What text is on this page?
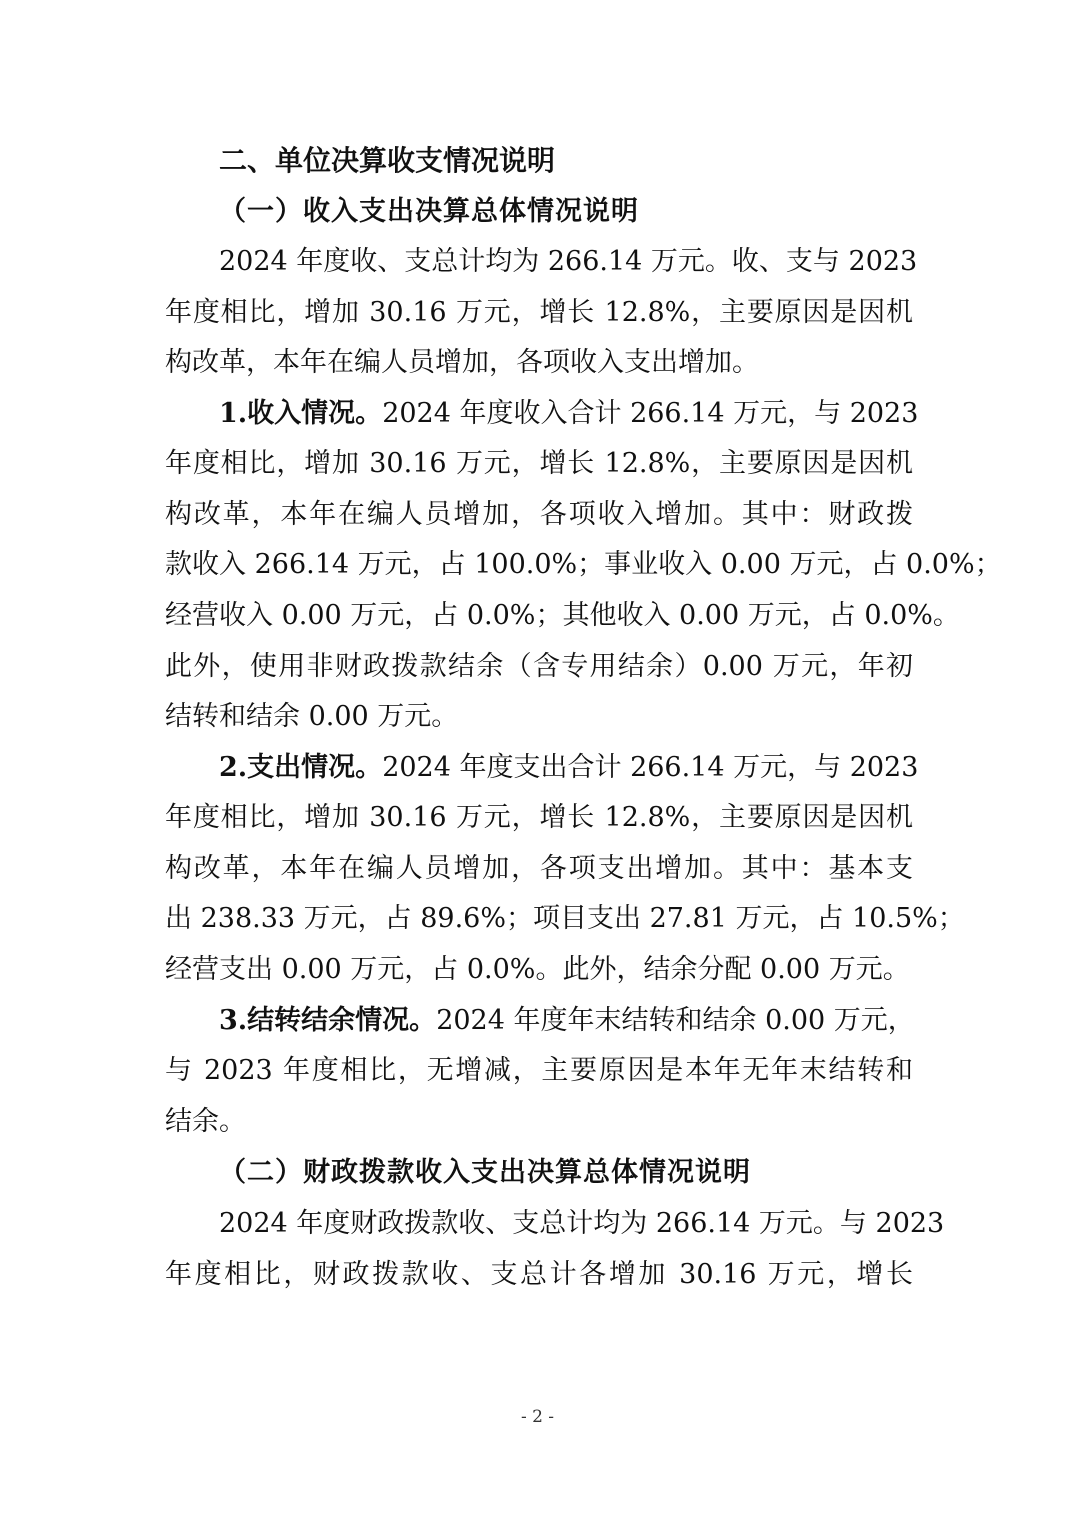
二、单位决算收支情况说明
（一）收入支出决算总体情况说明
2024 年度收、支总计均为 266.14 万元。收、支与 2023
年度相比，增加 30.16 万元，增长 12.8%，主要原因是因机
构改革，本年在编人员增加，各项收入支出增加。
1.收入情况。2024 年度收入合计 266.14 万元，与 2023
年度相比，增加 30.16 万元，增长 12.8%，主要原因是因机
构改革，本年在编人员增加，各项收入增加。其中：财政拨
款收入 266.14 万元，占 100.0%；事业收入 0.00 万元，占 0.0%；
经营收入 0.00 万元，占 0.0%；其他收入 0.00 万元，占 0.0%。
此外，使用非财政拨款结余（含专用结余）0.00 万元，年初
结转和结余 0.00 万元。
2.支出情况。2024 年度支出合计 266.14 万元，与 2023
年度相比，增加 30.16 万元，增长 12.8%，主要原因是因机
构改革，本年在编人员增加，各项支出增加。其中：基本支
出 238.33 万元，占 89.6%；项目支出 27.81 万元，占 10.5%；
经营支出 0.00 万元，占 0.0%。此外，结余分配 0.00 万元。
3.结转结余情况。2024 年度年末结转和结余 0.00 万元，
与 2023 年度相比，无增减，主要原因是本年无年末结转和
结余。
（二）财政拨款收入支出决算总体情况说明
2024 年度财政拨款收、支总计均为 266.14 万元。与 2023
年度相比，财政拨款收、支总计各增加 30.16 万元，增长
- 2 -
